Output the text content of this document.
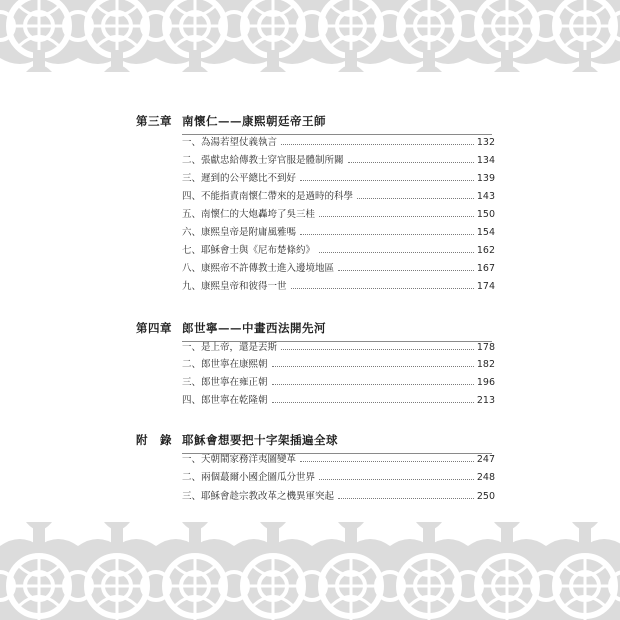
第三章 南懷仁——康熙朝廷帝王師
一、為湯若望仗義執言	132
二、張獻忠給傳教士穿官服是體制所關	134
三、遲到的公平總比不到好	139
四、不能指責南懷仁帶來的是過時的科學	143
五、南懷仁的大炮轟垮了吳三桂	150
六、康熙皇帝是附庸風雅嗎	154
七、耶穌會士與《尼布楚條約》	162
八、康熙帝不許傳教士進入邊境地區	167
九、康熙皇帝和彼得一世	174
第四章 郎世寧——中畫西法開先河
一、是上帝，還是丟斯	178
二、郎世寧在康熙朝	182
三、郎世寧在雍正朝	196
四、郎世寧在乾隆朝	213
附　錄 耶穌會想要把十字架插遍全球
一、天朝鬧家務洋夷圖變革	247
二、兩個蕞爾小國企圖瓜分世界	248
三、耶穌會趁宗教改革之機異軍突起	250
